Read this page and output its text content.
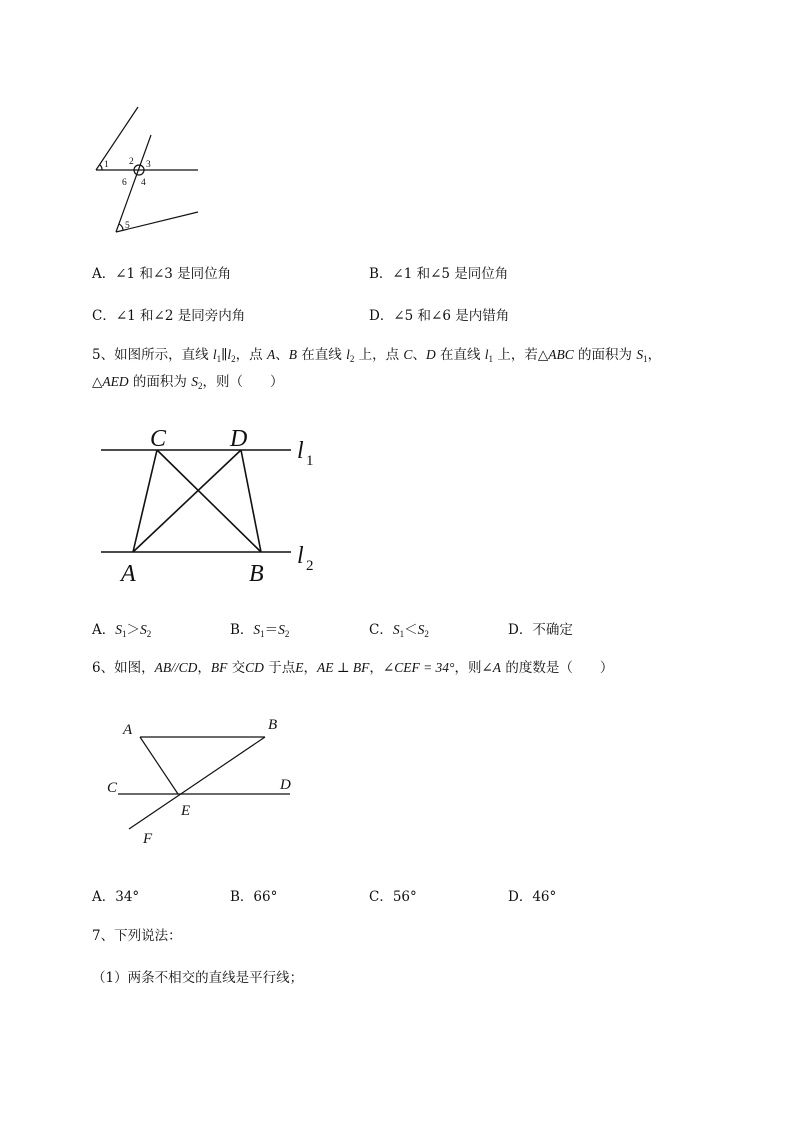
1 2 3
4
5
6
A．∠1 和∠3 是同位角	B．∠1 和∠5 是同位角
C．∠1 和∠2 是同旁内角	D．∠5 和∠6 是内错角
5、如图所示，直线 $l_1\parallel l_2$，点 A、B 在直线 $l_2$ 上，点 C、D 在直线 $l_1$ 上，若△ABC 的面积为 $S_1$，
△AED 的面积为 $S_2$，则（　　）
C	D
A	B
l
l
1
2
A．$S_1>S_2$	B．$S_1=S_2$	C．$S_1<S_2$	D．不确定
6、如图，AB//CD，BF 交CD 于点E，AE ⊥ BF，∠CEF = 34°，则∠A 的度数是（　　）
A	B
C	D
E
F
A．34°	B．66°	C．56°	D．46°
7、下列说法：
（1）两条不相交的直线是平行线；
